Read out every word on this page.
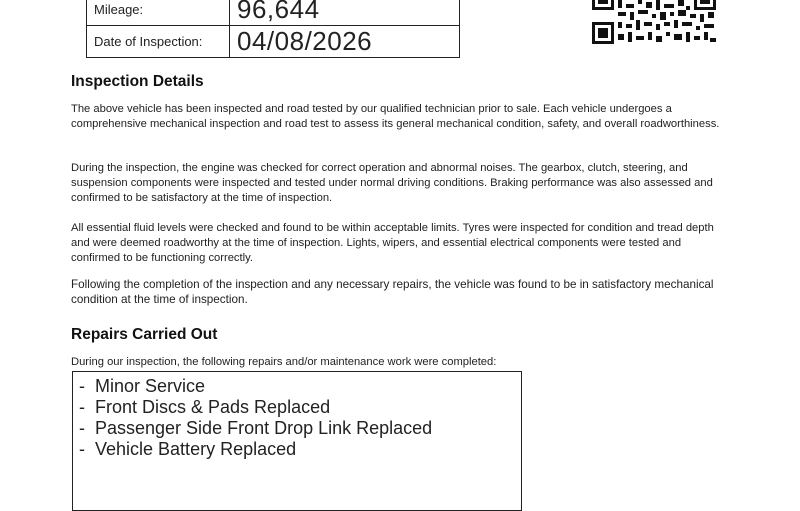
Mileage:	96,644
Date of Inspection:	04/08/2026
Inspection Details

The above vehicle has been inspected and road tested by our qualified technician prior to sale. Each vehicle undergoes a comprehensive mechanical inspection and road test to assess its general mechanical condition, safety, and overall roadworthiness.

During the inspection, the engine was checked for correct operation and abnormal noises. The gearbox, clutch, steering, and suspension components were inspected and tested under normal driving conditions. Braking performance was also assessed and confirmed to be satisfactory at the time of inspection.

All essential fluid levels were checked and found to be within acceptable limits. Tyres were inspected for condition and tread depth and were deemed roadworthy at the time of inspection. Lights, wipers, and essential electrical components were tested and confirmed to be functioning correctly.

Following the completion of the inspection and any necessary repairs, the vehicle was found to be in satisfactory mechanical condition at the time of inspection.

Repairs Carried Out

During our inspection, the following repairs and/or maintenance work were completed:

- Minor Service
- Front Discs & Pads Replaced
- Passenger Side Front Drop Link Replaced
- Vehicle Battery Replaced
